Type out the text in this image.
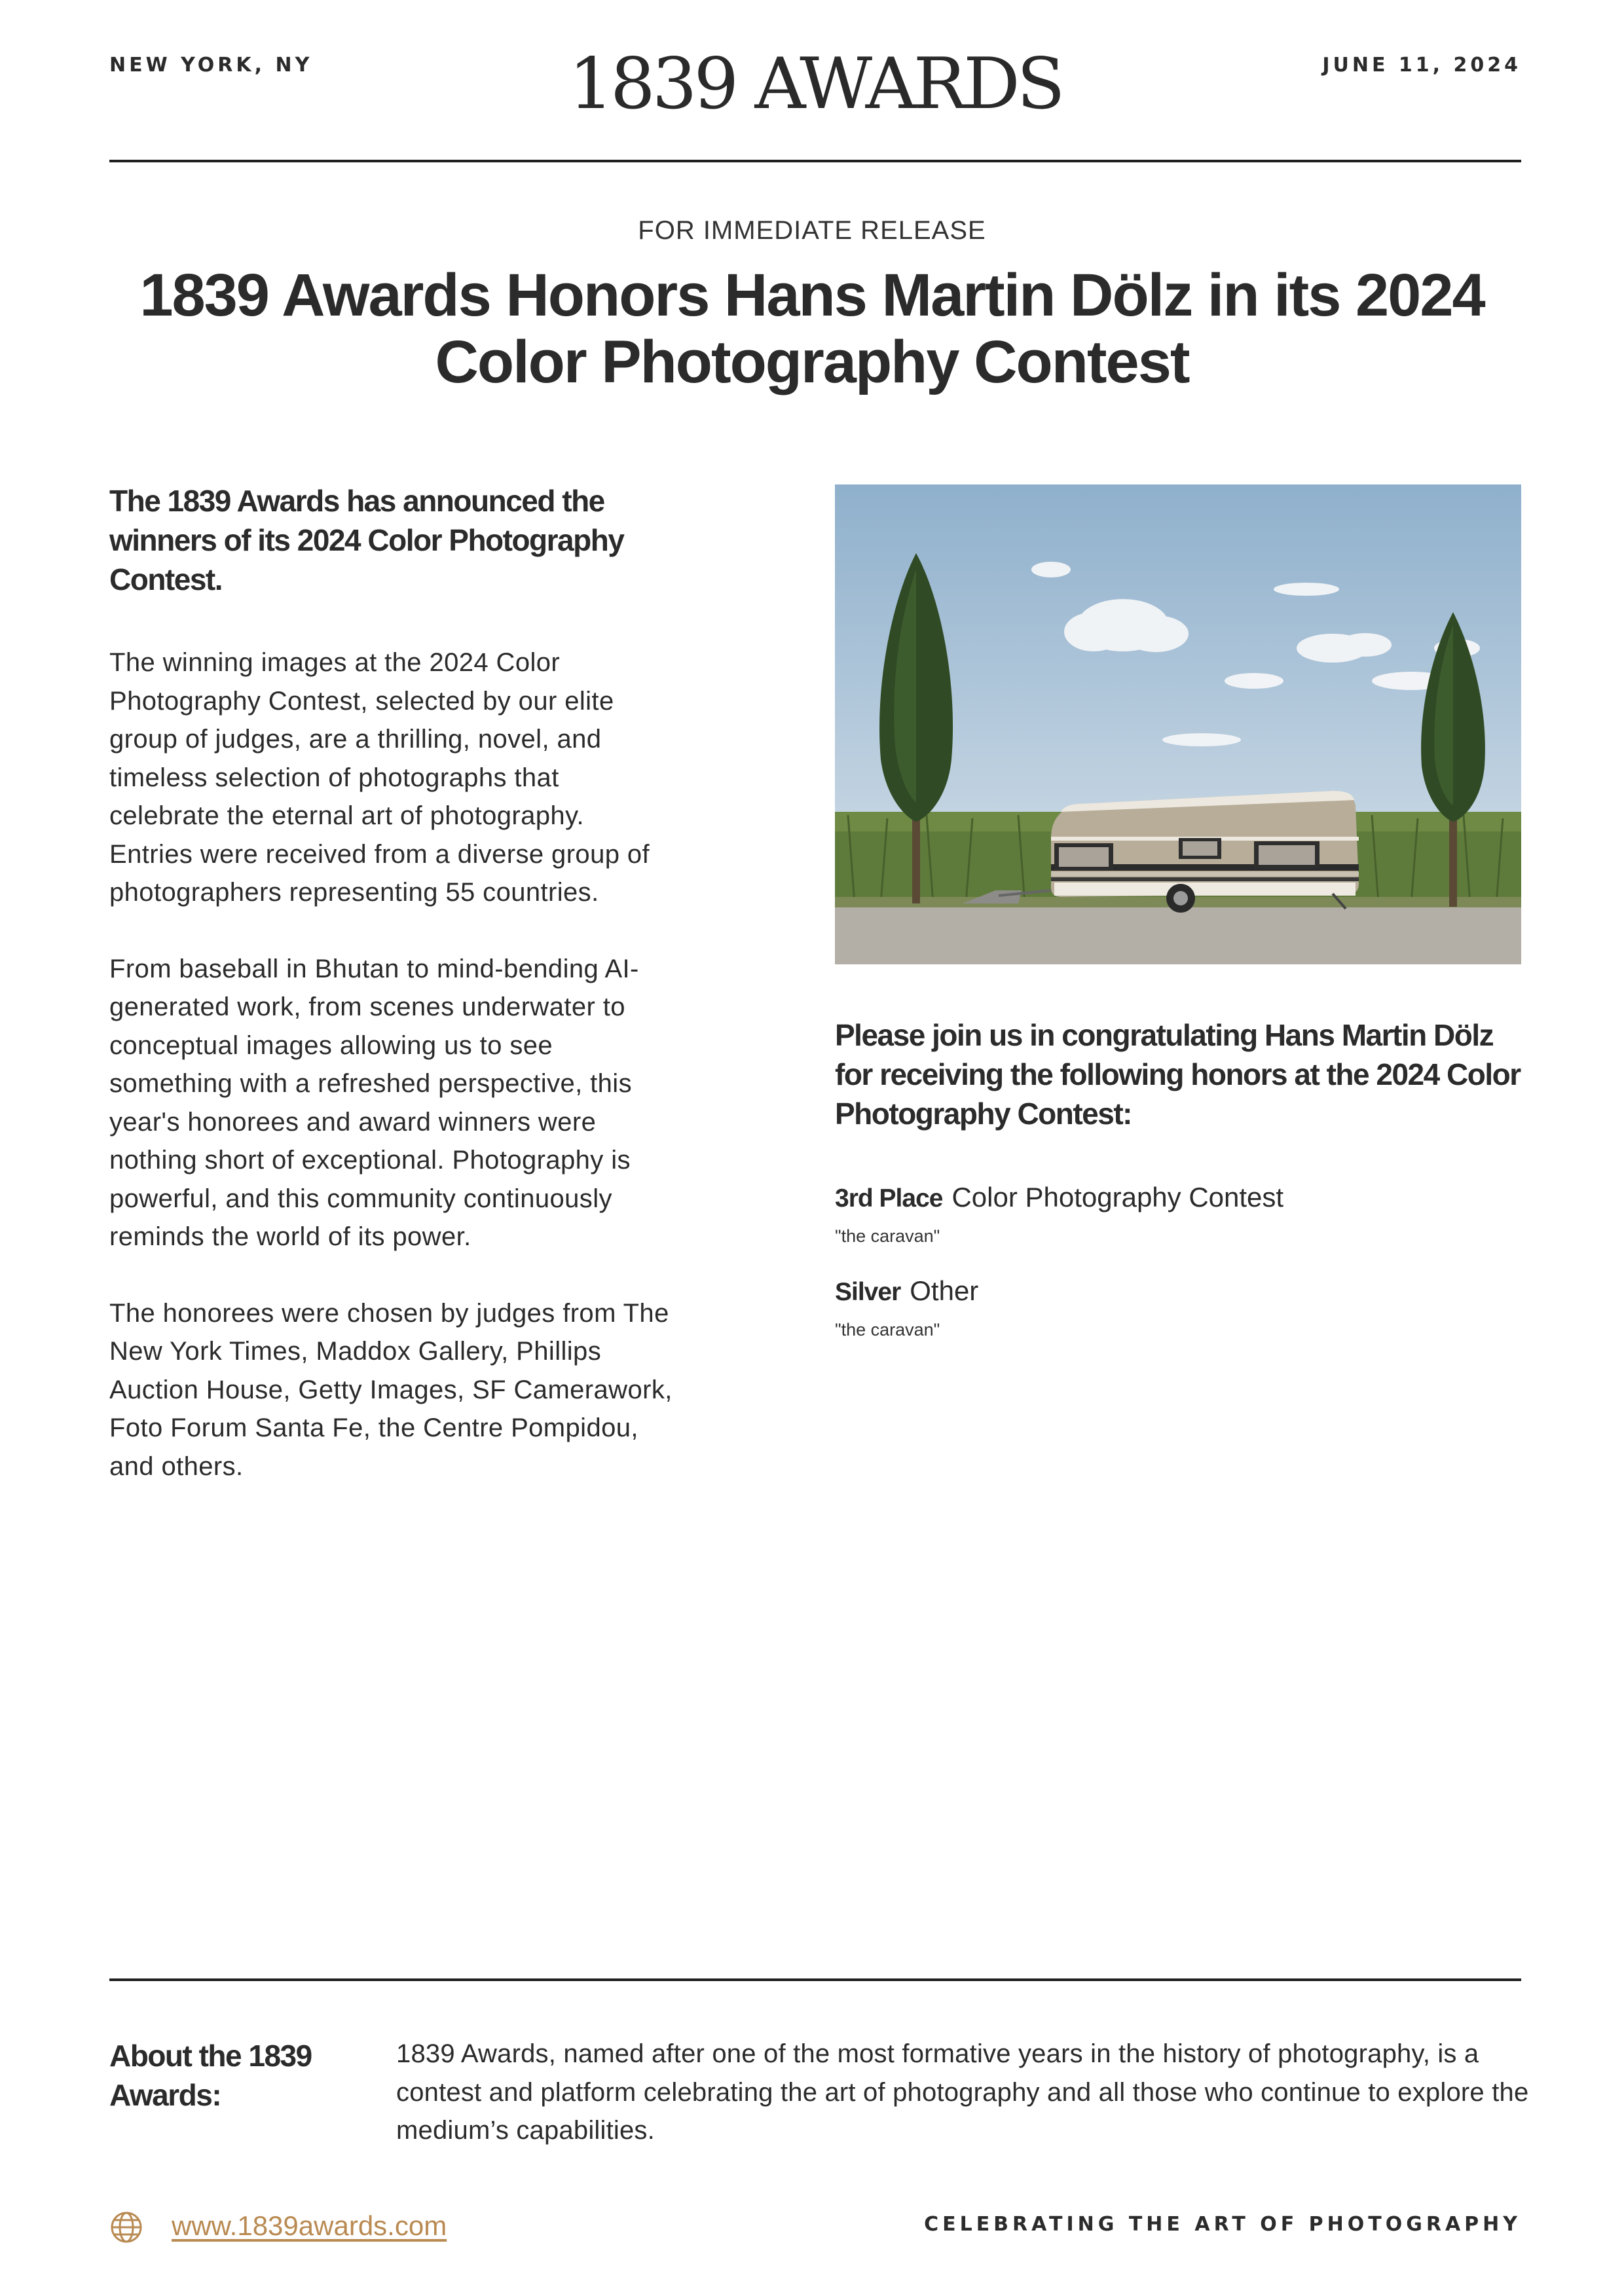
NEW YORK, NY	1839 AWARDS	JUNE 11, 2024
FOR IMMEDIATE RELEASE
1839 Awards Honors Hans Martin Dölz in its 2024 Color Photography Contest
The 1839 Awards has announced the winners of its 2024 Color Photography Contest.

The winning images at the 2024 Color Photography Contest, selected by our elite group of judges, are a thrilling, novel, and timeless selection of photographs that celebrate the eternal art of photography. Entries were received from a diverse group of photographers representing 55 countries.

From baseball in Bhutan to mind-bending AI-generated work, from scenes underwater to conceptual images allowing us to see something with a refreshed perspective, this year's honorees and award winners were nothing short of exceptional. Photography is powerful, and this community continuously reminds the world of its power.

The honorees were chosen by judges from The New York Times, Maddox Gallery, Phillips Auction House, Getty Images, SF Camerawork, Foto Forum Santa Fe, the Centre Pompidou, and others.

Please join us in congratulating Hans Martin Dölz for receiving the following honors at the 2024 Color Photography Contest:
3rd Place Color Photography Contest
"the caravan"
Silver Other
"the caravan"
About the 1839 Awards:
1839 Awards, named after one of the most formative years in the history of photography, is a contest and platform celebrating the art of photography and all those who continue to explore the medium’s capabilities.
www.1839awards.com	CELEBRATING THE ART OF PHOTOGRAPHY
